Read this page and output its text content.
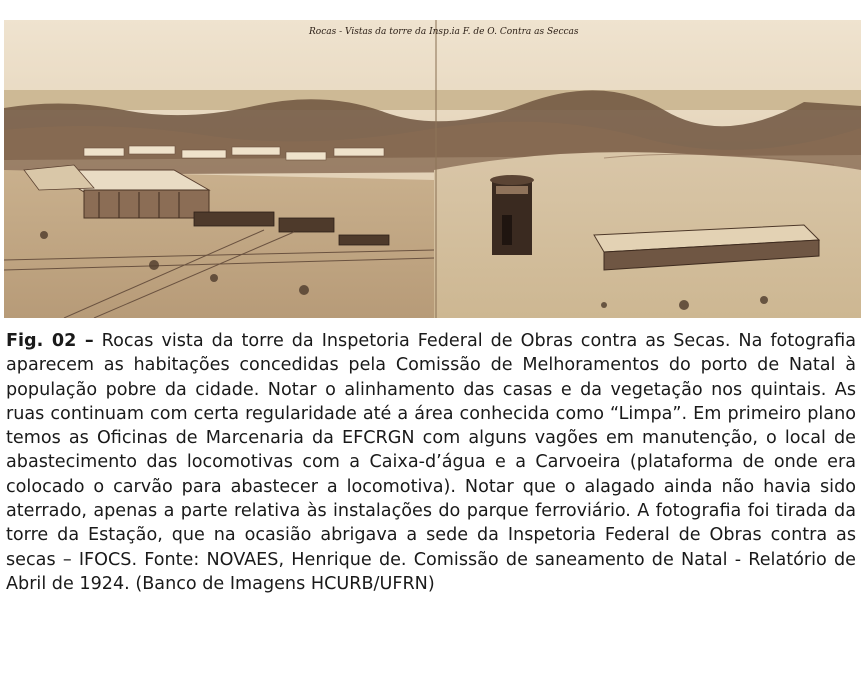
Rocas - Vistas da torre da Insp.ia F. de O. Contra as Seccas

Fig. 02 – Rocas vista da torre da Inspetoria Federal de Obras contra as Secas. Na fotografia aparecem as habitações concedidas pela Comissão de Melhoramentos do porto de Natal à população pobre da cidade. Notar o alinhamento das casas e da vegetação nos quintais. As ruas continuam com certa regularidade até a área conhecida como “Limpa”. Em primeiro plano temos as Oficinas de Marcenaria da EFCRGN com alguns vagões em manutenção, o local de abastecimento das locomotivas com a Caixa-d’água e a Carvoeira (plataforma de onde era colocado o carvão para abastecer a locomotiva). Notar que o alagado ainda não havia sido aterrado, apenas a parte relativa às instalações do parque ferroviário. A fotografia foi tirada da torre da Estação, que na ocasião abrigava a sede da Inspetoria Federal de Obras contra as secas – IFOCS. Fonte: NOVAES, Henrique de. Comissão de saneamento de Natal - Relatório de Abril de 1924. (Banco de Imagens HCURB/UFRN)
